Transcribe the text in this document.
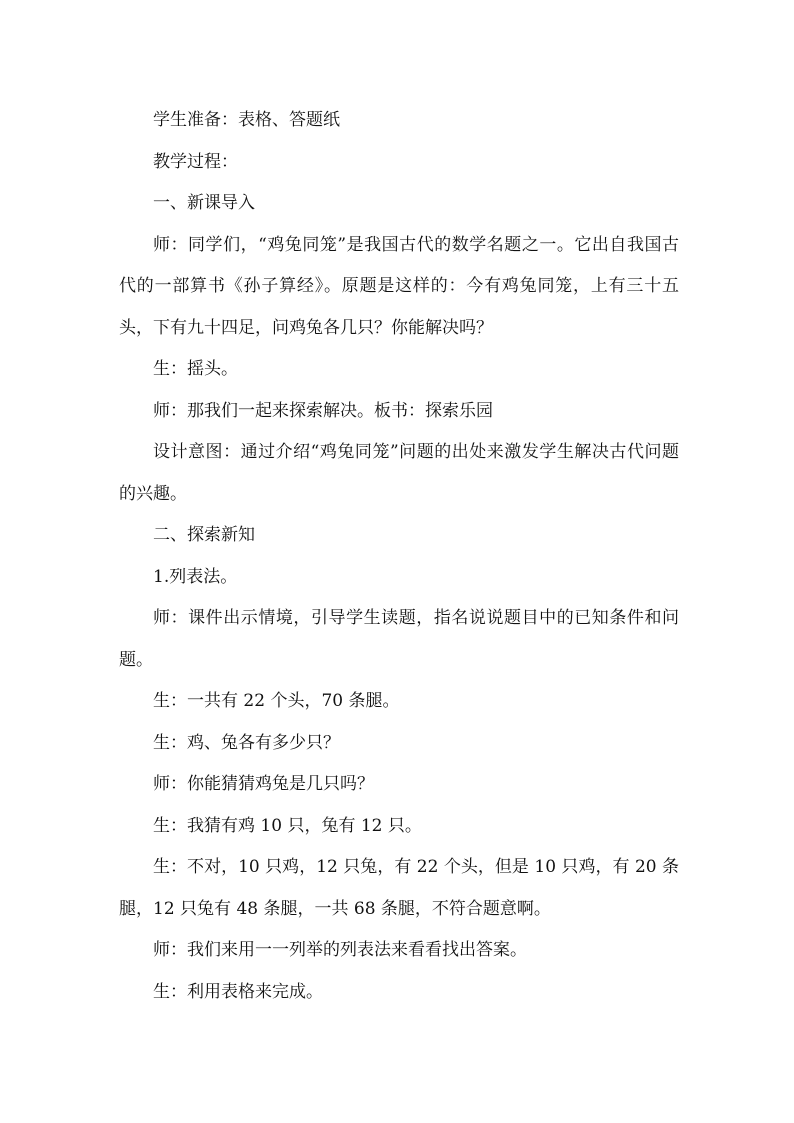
学生准备：表格、答题纸

教学过程：

一、新课导入

师：同学们，“鸡兔同笼”是我国古代的数学名题之一。它出自我国古代的一部算书《孙子算经》。原题是这样的：今有鸡兔同笼，上有三十五头，下有九十四足，问鸡兔各几只？你能解决吗？

生：摇头。

师：那我们一起来探索解决。板书：探索乐园

设计意图：通过介绍“鸡兔同笼”问题的出处来激发学生解决古代问题的兴趣。

二、探索新知

1.列表法。

师：课件出示情境，引导学生读题，指名说说题目中的已知条件和问题。

生：一共有 22 个头，70 条腿。

生：鸡、兔各有多少只？

师：你能猜猜鸡兔是几只吗？

生：我猜有鸡 10 只，兔有 12 只。

生：不对，10 只鸡，12 只兔，有 22 个头，但是 10 只鸡，有 20 条腿，12 只兔有 48 条腿，一共 68 条腿，不符合题意啊。

师：我们来用一一列举的列表法来看看找出答案。

生：利用表格来完成。
